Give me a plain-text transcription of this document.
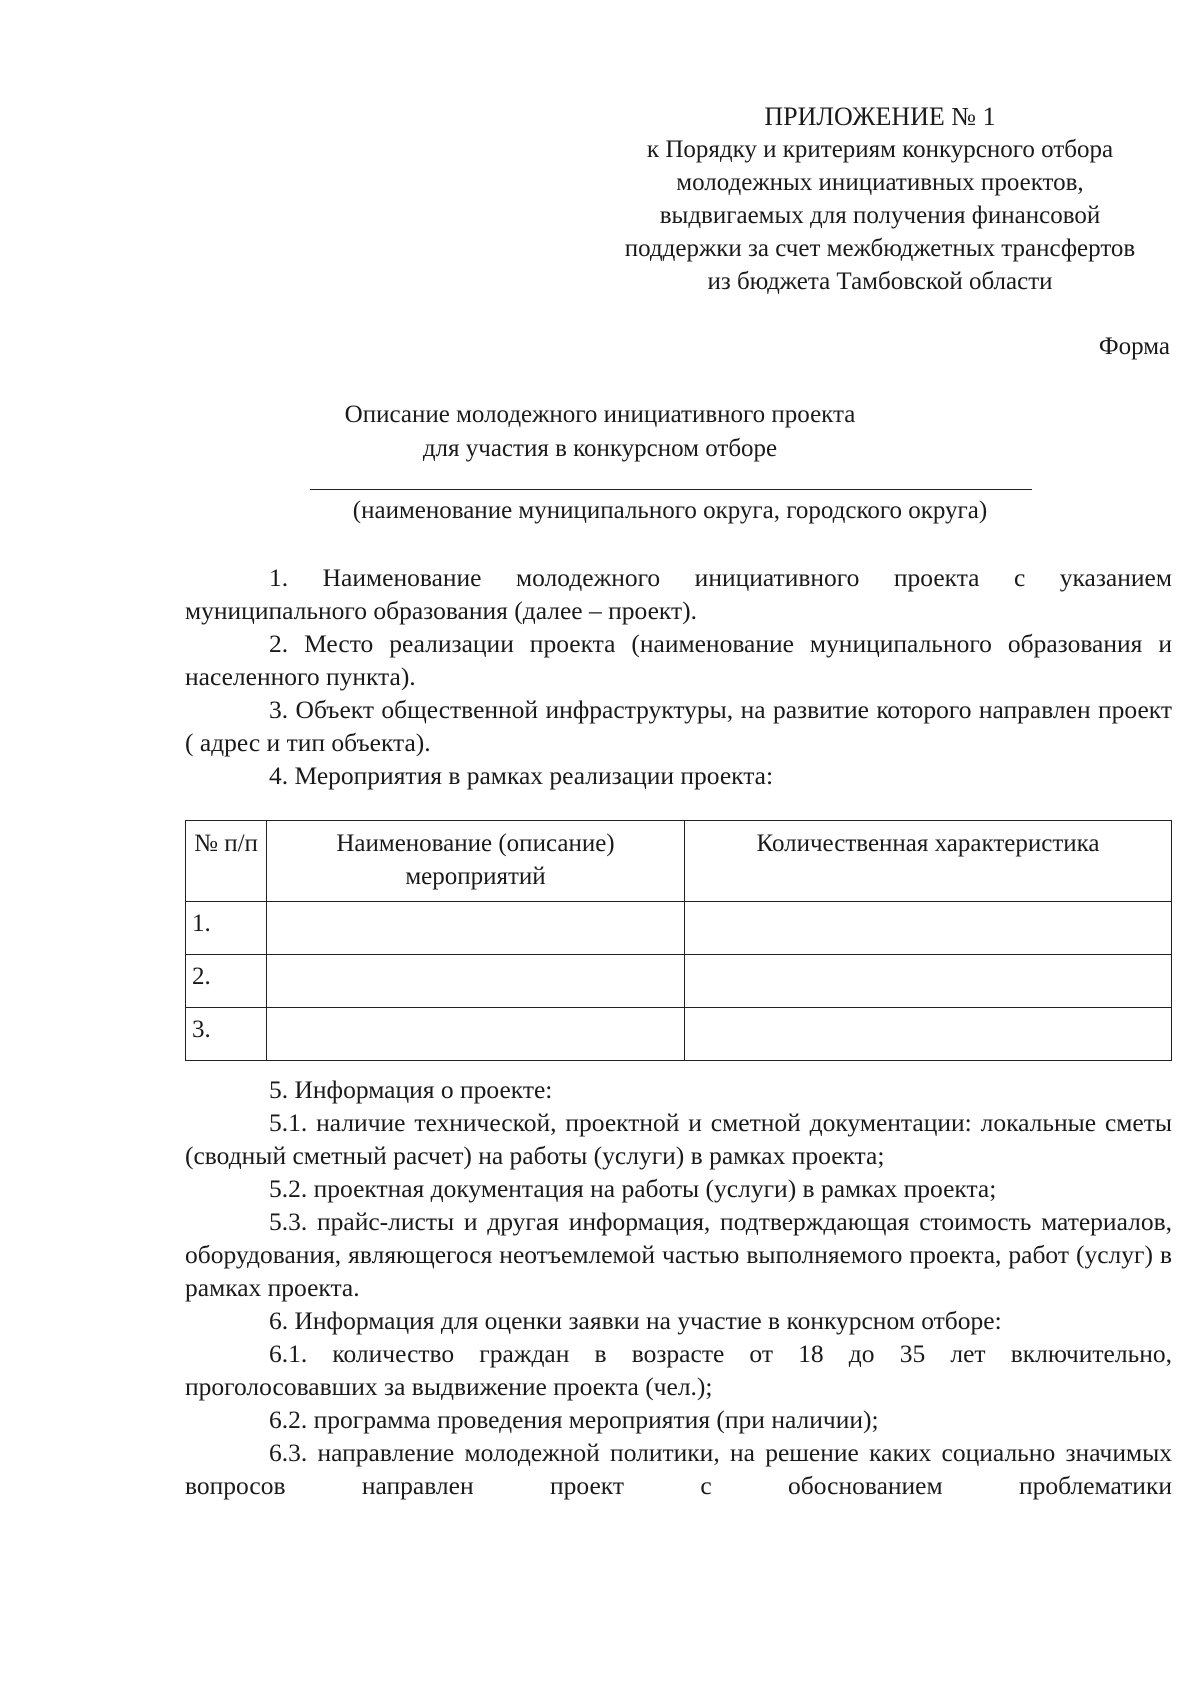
ПРИЛОЖЕНИЕ № 1
к Порядку и критериям конкурсного отбора
молодежных инициативных проектов,
выдвигаемых для получения финансовой
поддержки за счет межбюджетных трансфертов
из бюджета Тамбовской области
Форма
Описание молодежного инициативного проекта
для участия в конкурсном отборе
(наименование муниципального округа, городского округа)

1. Наименование молодежного инициативного проекта с указанием муниципального образования (далее – проект).

2. Место реализации проекта (наименование муниципального образования и населенного пункта).

3. Объект общественной инфраструктуры, на развитие которого направлен проект ( адрес и тип объекта).

4. Мероприятия в рамках реализации проекта:

№ п/п	Наименование (описание) мероприятий	Количественная характеристика
1.		
2.		
3.		

5. Информация о проекте:

5.1. наличие технической, проектной и сметной документации: локальные сметы (сводный сметный расчет) на работы (услуги) в рамках проекта;

5.2. проектная документация на работы (услуги) в рамках проекта;

5.3. прайс-листы и другая информация, подтверждающая стоимость материалов, оборудования, являющегося неотъемлемой частью выполняемого проекта, работ (услуг) в рамках проекта.

6. Информация для оценки заявки на участие в конкурсном отборе:

6.1. количество граждан в возрасте от 18 до 35 лет включительно, проголосовавших за выдвижение проекта (чел.);

6.2. программа проведения мероприятия (при наличии);

6.3. направление молодежной политики, на решение каких социально значимых вопросов направлен проект с обоснованием проблематики
